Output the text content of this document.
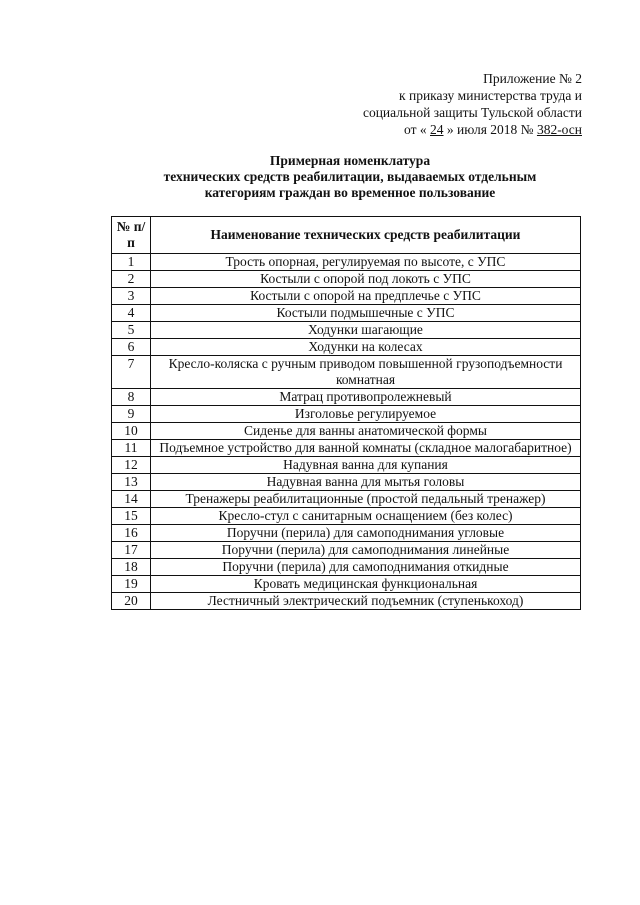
Приложение № 2
к приказу министерства труда и
социальной защиты Тульской области
от « 24 » июля 2018 № 382-осн
Примерная номенклатура
технических средств реабилитации, выдаваемых отдельным
категориям граждан во временное пользование
№ п/п	Наименование технических средств реабилитации
1	Трость опорная, регулируемая по высоте, с УПС
2	Костыли с опорой под локоть с УПС
3	Костыли с опорой на предплечье с УПС
4	Костыли подмышечные с УПС
5	Ходунки шагающие
6	Ходунки на колесах
7	Кресло-коляска с ручным приводом повышенной грузоподъемности комнатная
8	Матрац противопролежневый
9	Изголовье регулируемое
10	Сиденье для ванны анатомической формы
11	Подъемное устройство для ванной комнаты (складное малогабаритное)
12	Надувная ванна для купания
13	Надувная ванна для мытья головы
14	Тренажеры реабилитационные (простой педальный тренажер)
15	Кресло-стул с санитарным оснащением (без колес)
16	Поручни (перила) для самоподнимания угловые
17	Поручни (перила) для самоподнимания линейные
18	Поручни (перила) для самоподнимания откидные
19	Кровать медицинская функциональная
20	Лестничный электрический подъемник (ступенькоход)
